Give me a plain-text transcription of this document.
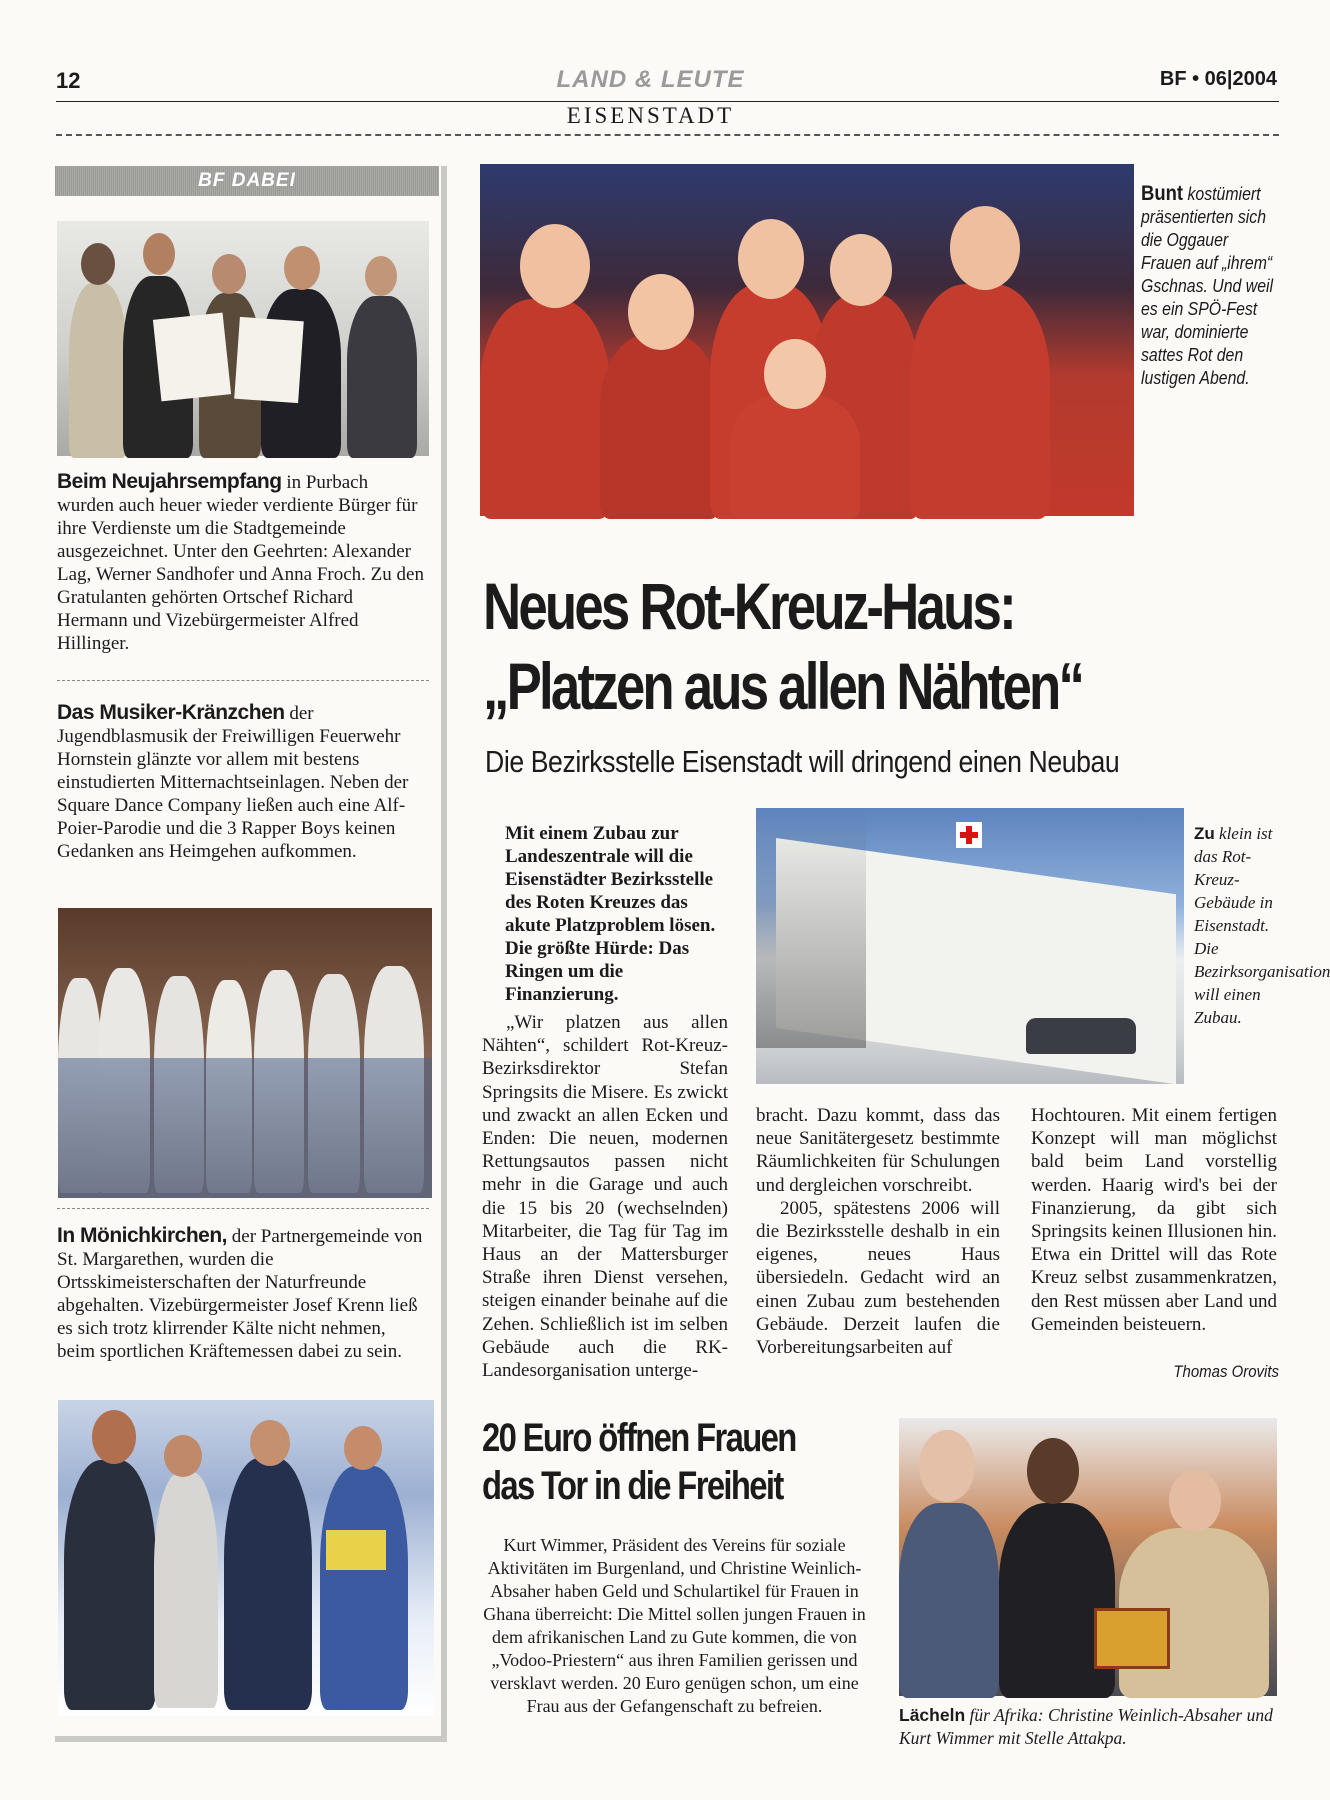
12	LAND & LEUTE	BF • 06|2004
EISENSTADT
BF DABEI
Beim Neujahrsempfang in Purbach wurden auch heuer wieder verdiente Bürger für ihre Verdienste um die Stadtgemeinde ausgezeichnet. Unter den Geehrten: Alexander Lag, Werner Sandhofer und Anna Froch. Zu den Gratulanten gehörten Ortschef Richard Hermann und Vizebürgermeister Alfred Hillinger.
Das Musiker-Kränzchen der Jugendblasmusik der Freiwilligen Feuerwehr Hornstein glänzte vor allem mit bestens einstudierten Mitternachtseinlagen. Neben der Square Dance Company ließen auch eine Alf-Poier-Parodie und die 3 Rapper Boys keinen Gedanken ans Heimgehen aufkommen.
In Mönichkirchen, der Partnergemeinde von St. Margarethen, wurden die Ortsskimeisterschaften der Naturfreunde abgehalten. Vizebürgermeister Josef Krenn ließ es sich trotz klirrender Kälte nicht nehmen, beim sportlichen Kräftemessen dabei zu sein.
Bunt kostümiert präsentierten sich die Oggauer Frauen auf „ihrem“ Gschnas. Und weil es ein SPÖ-Fest war, dominierte sattes Rot den lustigen Abend.
Neues Rot-Kreuz-Haus:
„Platzen aus allen Nähten“
Die Bezirksstelle Eisenstadt will dringend einen Neubau
Mit einem Zubau zur Landeszentrale will die Eisenstädter Bezirksstelle des Roten Kreuzes das akute Platzproblem lösen. Die größte Hürde: Das Ringen um die Finanzierung.
Zu klein ist das Rot-Kreuz-Gebäude in Eisenstadt. Die Bezirksorganisation will einen Zubau.
„Wir platzen aus allen Nähten“, schildert Rot-Kreuz-Bezirksdirektor Stefan Springsits die Misere. Es zwickt und zwackt an allen Ecken und Enden: Die neuen, modernen Rettungsautos passen nicht mehr in die Garage und auch die 15 bis 20 (wechselnden) Mitarbeiter, die Tag für Tag im Haus an der Mattersburger Straße ihren Dienst versehen, steigen einander beinahe auf die Zehen. Schließlich ist im selben Gebäude auch die RK-Landesorganisation unterge-
bracht. Dazu kommt, dass das neue Sanitätergesetz bestimmte Räumlichkeiten für Schulungen und dergleichen vorschreibt.
2005, spätestens 2006 will die Bezirksstelle deshalb in ein eigenes, neues Haus übersiedeln. Gedacht wird an einen Zubau zum bestehenden Gebäude. Derzeit laufen die Vorbereitungsarbeiten auf
Hochtouren. Mit einem fertigen Konzept will man möglichst bald beim Land vorstellig werden. Haarig wird's bei der Finanzierung, da gibt sich Springsits keinen Illusionen hin. Etwa ein Drittel will das Rote Kreuz selbst zusammenkratzen, den Rest müssen aber Land und Gemeinden beisteuern.
Thomas Orovits
20 Euro öffnen Frauen
das Tor in die Freiheit
Kurt Wimmer, Präsident des Vereins für soziale Aktivitäten im Burgenland, und Christine Weinlich-Absaher haben Geld und Schulartikel für Frauen in Ghana überreicht: Die Mittel sollen jungen Frauen in dem afrikanischen Land zu Gute kommen, die von „Vodoo-Priestern“ aus ihren Familien gerissen und versklavt werden. 20 Euro genügen schon, um eine Frau aus der Gefangenschaft zu befreien.	Lächeln für Afrika: Christine Weinlich-Absaher und Kurt Wimmer mit Stelle Attakpa.
